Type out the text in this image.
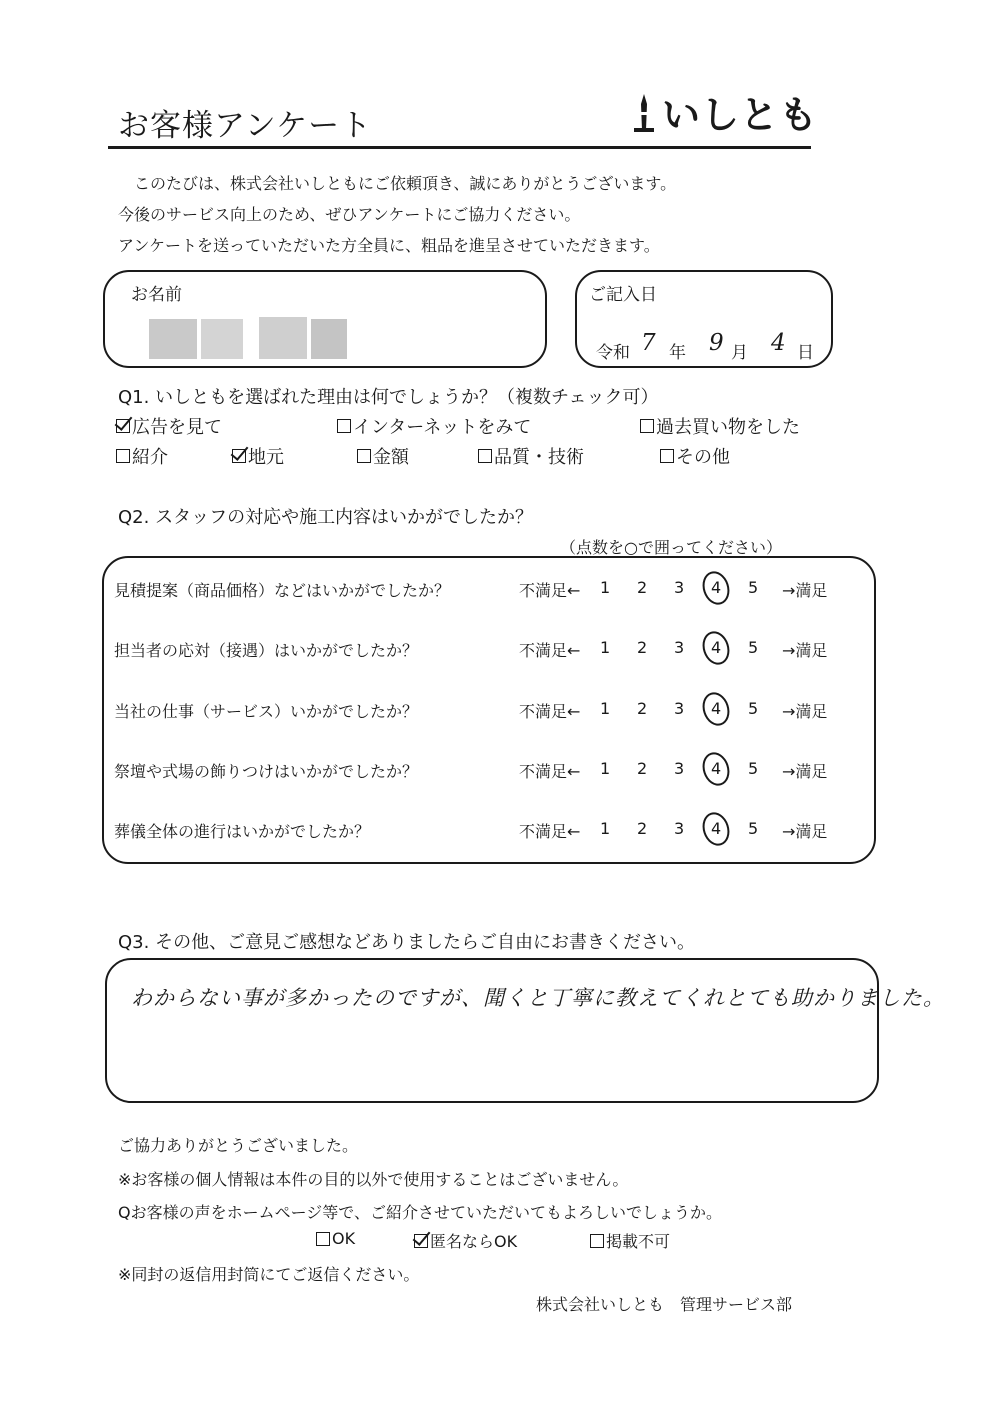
お客様アンケート	いしとも
　このたびは、株式会社いしともにご依頼頂き、誠にありがとうございます。
今後のサービス向上のため、ぜひアンケートにご協力ください。
アンケートを送っていただいた方全員に、粗品を進呈させていただきます。
お名前	ご記入日
令和 7 年 9 月 4 日
Q1. いしともを選ばれた理由は何でしょうか？（複数チェック可）
広告を見て	インターネットをみて	過去買い物をした
紹介	地元	金額	品質・技術	その他
Q2. スタッフの対応や施工内容はいかがでしたか？
（点数を○で囲ってください）
見積提案（商品価格）などはいかがでしたか？	不満足← 1 2 3 4 5 →満足
担当者の応対（接遇）はいかがでしたか？	不満足← 1 2 3 4 5 →満足
当社の仕事（サービス）いかがでしたか？	不満足← 1 2 3 4 5 →満足
祭壇や式場の飾りつけはいかがでしたか？	不満足← 1 2 3 4 5 →満足
葬儀全体の進行はいかがでしたか？	不満足← 1 2 3 4 5 →満足
Q3. その他、ご意見ご感想などありましたらご自由にお書きください。
わからない事が多かったのですが、聞くと丁寧に教えてくれとても助かりました。
ご協力ありがとうございました。
※お客様の個人情報は本件の目的以外で使用することはございません。
Qお客様の声をホームページ等で、ご紹介させていただいてもよろしいでしょうか。
OK	匿名ならOK	掲載不可
※同封の返信用封筒にてご返信ください。
株式会社いしとも　管理サービス部
